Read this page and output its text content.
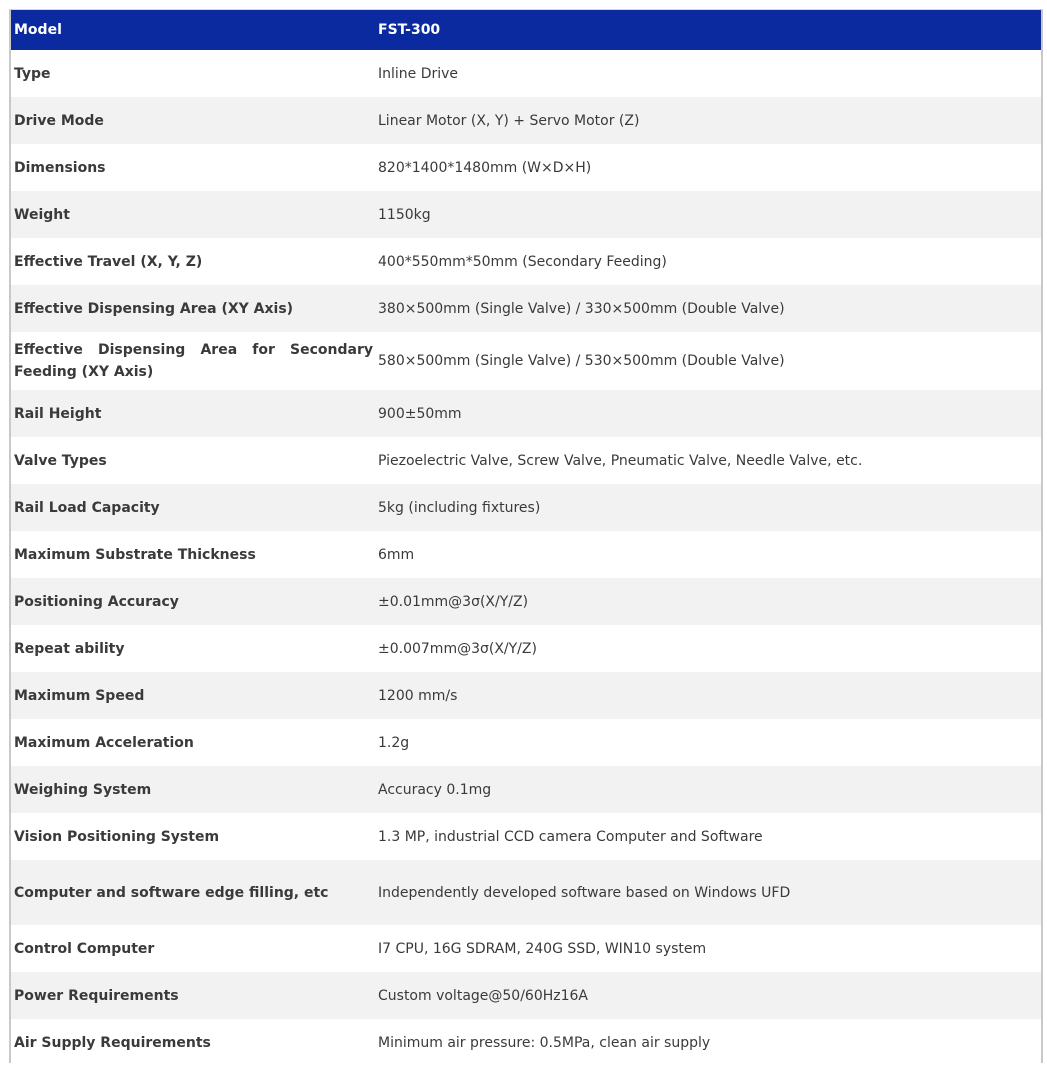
Model	FST-300
Type	Inline Drive
Drive Mode	Linear Motor (X, Y) + Servo Motor (Z)
Dimensions	820*1400*1480mm (W×D×H)
Weight	1150kg
Effective Travel (X, Y, Z)	400*550mm*50mm (Secondary Feeding)
Effective Dispensing Area (XY Axis)	380×500mm (Single Valve) / 330×500mm (Double Valve)

Effective Dispensing Area for Secondary Feeding (XY Axis)	580×500mm (Single Valve) / 530×500mm (Double Valve)
Rail Height	900±50mm
Valve Types	Piezoelectric Valve, Screw Valve, Pneumatic Valve, Needle Valve, etc.
Rail Load Capacity	5kg (including fixtures)
Maximum Substrate Thickness	6mm
Positioning Accuracy	±0.01mm@3σ(X/Y/Z)
Repeat ability	±0.007mm@3σ(X/Y/Z)
Maximum Speed	1200 mm/s
Maximum Acceleration	1.2g
Weighing System	Accuracy 0.1mg
Vision Positioning System	1.3 MP, industrial CCD camera Computer and Software
Computer and software edge filling, etc	Independently developed software based on Windows UFD
Control Computer	I7 CPU, 16G SDRAM, 240G SSD, WIN10 system
Power Requirements	Custom voltage@50/60Hz16A
Air Supply Requirements	Minimum air pressure: 0.5MPa, clean air supply
